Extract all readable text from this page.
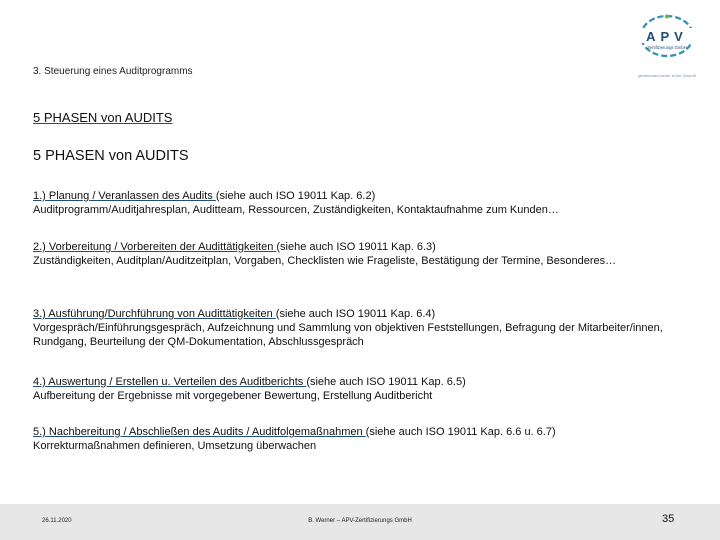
3. Steuerung eines Auditprogramms
APV
Zertifizierungs GmbH
gemeinsam sicher in die Zukunft
5 PHASEN von AUDITS
5 PHASEN von AUDITS
1.) Planung / Veranlassen des Audits (siehe auch ISO 19011 Kap. 6.2)
Auditprogramm/Auditjahresplan, Auditteam, Ressourcen, Zuständigkeiten, Kontaktaufnahme zum Kunden…
2.) Vorbereitung / Vorbereiten der Audittätigkeiten (siehe auch ISO 19011 Kap. 6.3)
Zuständigkeiten, Auditplan/Auditzeitplan, Vorgaben, Checklisten wie Frageliste, Bestätigung der Termine, Besonderes…
3.) Ausführung/Durchführung von Audittätigkeiten (siehe auch ISO 19011 Kap. 6.4)
Vorgespräch/Einführungsgespräch, Aufzeichnung und Sammlung von objektiven Feststellungen, Befragung der Mitarbeiter/innen, Rundgang, Beurteilung der QM-Dokumentation, Abschlussgespräch
4.) Auswertung / Erstellen u. Verteilen des Auditberichts (siehe auch ISO 19011 Kap. 6.5)
Aufbereitung der Ergebnisse mit vorgegebener Bewertung, Erstellung Auditbericht
5.) Nachbereitung / Abschließen des Audits / Auditfolgemaßnahmen (siehe auch ISO 19011 Kap. 6.6 u. 6.7)
Korrekturmaßnahmen definieren, Umsetzung überwachen
26.11.2020	B. Werner – APV-Zertifizierungs GmbH	35
